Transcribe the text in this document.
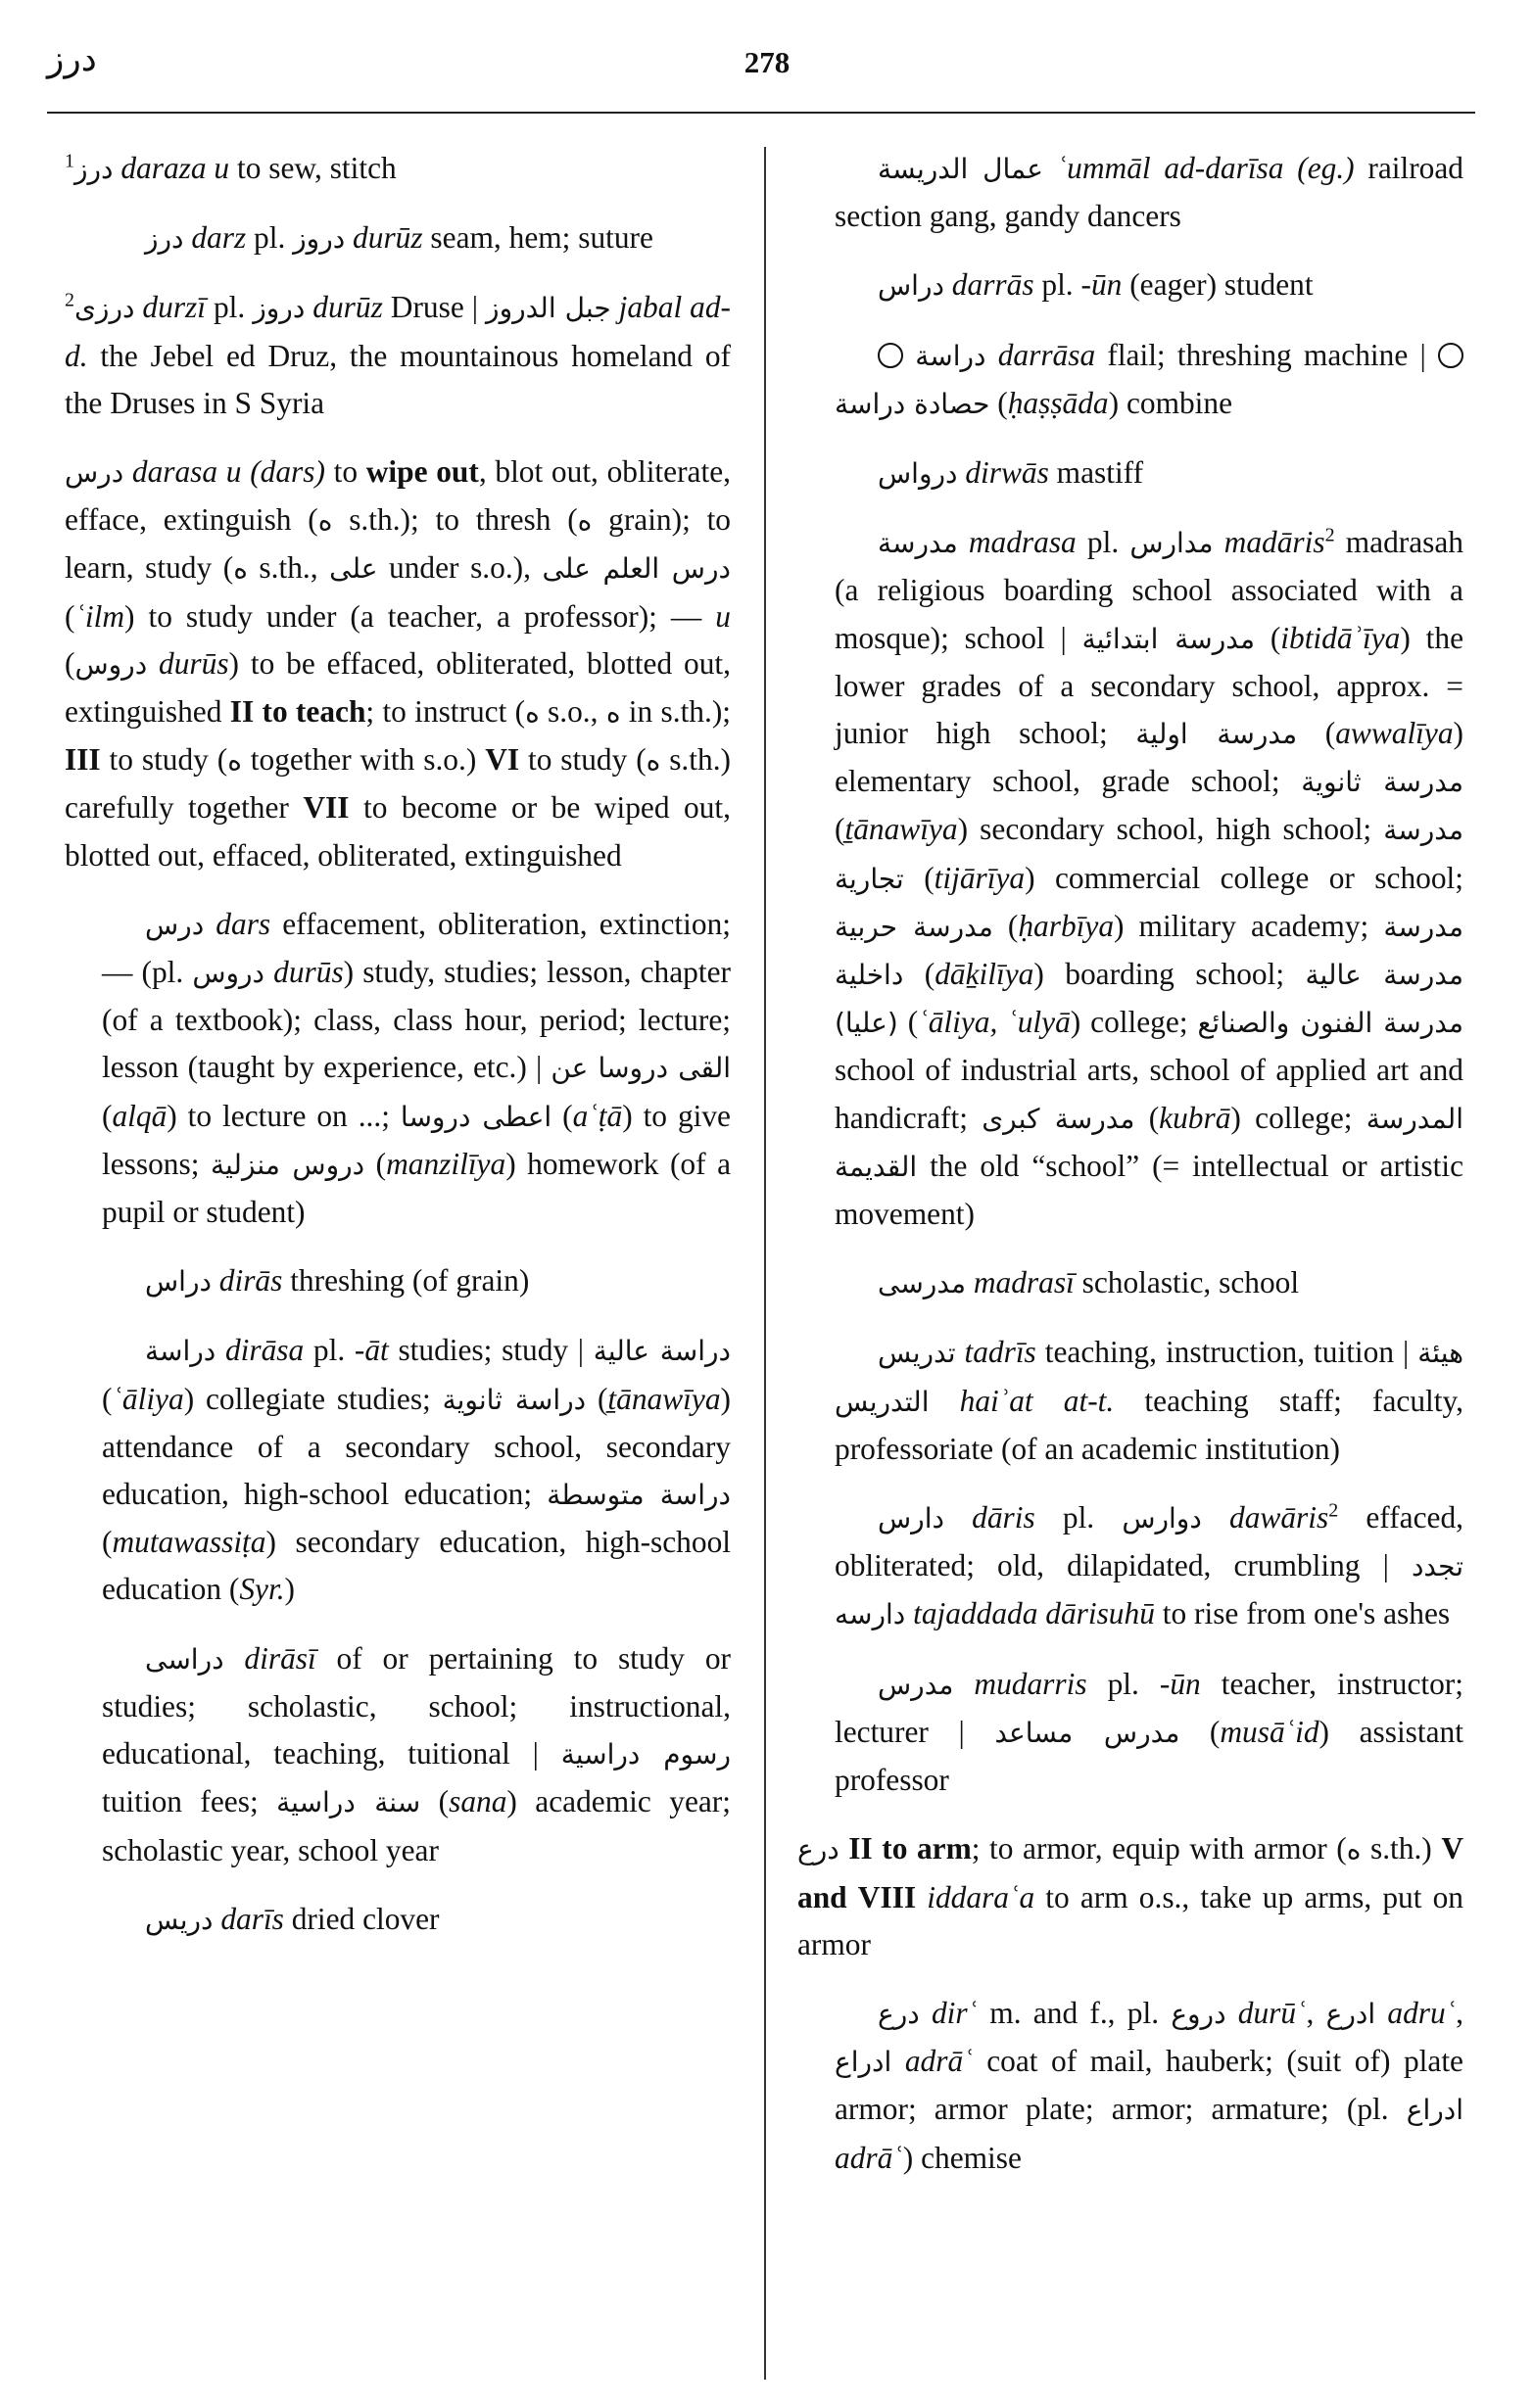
درز	278

$^1$درز daraza u to sew, stitch

درز darz pl. دروز durūz seam, hem; suture

$^2$درزى durzī pl. دروز durūz Druse | جبل الدروز jabal ad-d. the Jebel ed Druz, the mountainous homeland of the Druses in S Syria

درس darasa u (dars) to wipe out, blot out, obliterate, efface, extinguish (ه s.th.); to thresh (ه grain); to learn, study (ه s.th., على under s.o.), درس العلم على (ʿilm) to study under (a teacher, a professor); — u (دروس durūs) to be effaced, obliterated, blotted out, extinguished II to teach; to instruct (ه s.o., ه in s.th.); III to study (ه together with s.o.) VI to study (ه s.th.) carefully together VII to become or be wiped out, blotted out, effaced, obliterated, extinguished

درس dars effacement, obliteration, extinction; — (pl. دروس durūs) study, studies; lesson, chapter (of a textbook); class, class hour, period; lecture; lesson (taught by experience, etc.) | القى دروسا عن (alqā) to lecture on ...; اعطى دروسا (aʿṭā) to give lessons; دروس منزلية (manzilīya) homework (of a pupil or student)

دراس dirās threshing (of grain)

دراسة dirāsa pl. -āt studies; study | دراسة عالية (ʿāliya) collegiate studies; دراسة ثانوية (ṯānawīya) attendance of a secondary school, secondary education, high-school education; دراسة متوسطة (mutawassiṭa) secondary education, high-school education (Syr.)

دراسى dirāsī of or pertaining to study or studies; scholastic, school; instructional, educational, teaching, tuitional | رسوم دراسية tuition fees; سنة دراسية (sana) academic year; scholastic year, school year

دريس darīs dried clover

عمال الدريسة ʿummāl ad-darīsa (eg.) railroad section gang, gandy dancers

دراس darrās pl. -ūn (eager) student

دراسة darrāsa flail; threshing machine |  حصادة دراسة (ḥaṣṣāda) combine

درواس dirwās mastiff

مدرسة madrasa pl. مدارس madāris$^2$ madrasah (a religious boarding school associated with a mosque); school | مدرسة ابتدائية (ibtidāʾīya) the lower grades of a secondary school, approx. = junior high school; مدرسة اولية (awwalīya) elementary school, grade school; مدرسة ثانوية (ṯānawīya) secondary school, high school; مدرسة تجارية (tijārīya) commercial college or school; مدرسة حربية (ḥarbīya) military academy; مدرسة داخلية (dāḵilīya) boarding school; مدرسة عالية (عليا) (ʿāliya, ʿulyā) college; مدرسة الفنون والصنائع school of industrial arts, school of applied art and handicraft; مدرسة كبرى (kubrā) college; المدرسة القديمة the old “school” (= intellectual or artistic movement)

مدرسى madrasī scholastic, school

تدريس tadrīs teaching, instruction, tuition | هيئة التدريس haiʾat at-t. teaching staff; faculty, professoriate (of an academic institution)

دارس dāris pl. دوارس dawāris$^2$ effaced, obliterated; old, dilapidated, crumbling | تجدد دارسه tajaddada dārisuhū to rise from one's ashes

مدرس mudarris pl. -ūn teacher, instructor; lecturer | مدرس مساعد (musāʿid) assistant professor

درع II to arm; to armor, equip with armor (ه s.th.) V and VIII iddaraʿa to arm o.s., take up arms, put on armor

درع dirʿ m. and f., pl. دروع durūʿ, ادرع adruʿ, ادراع adrāʿ coat of mail, hauberk; (suit of) plate armor; armor plate; armor; armature; (pl. ادراع adrāʿ) chemise
